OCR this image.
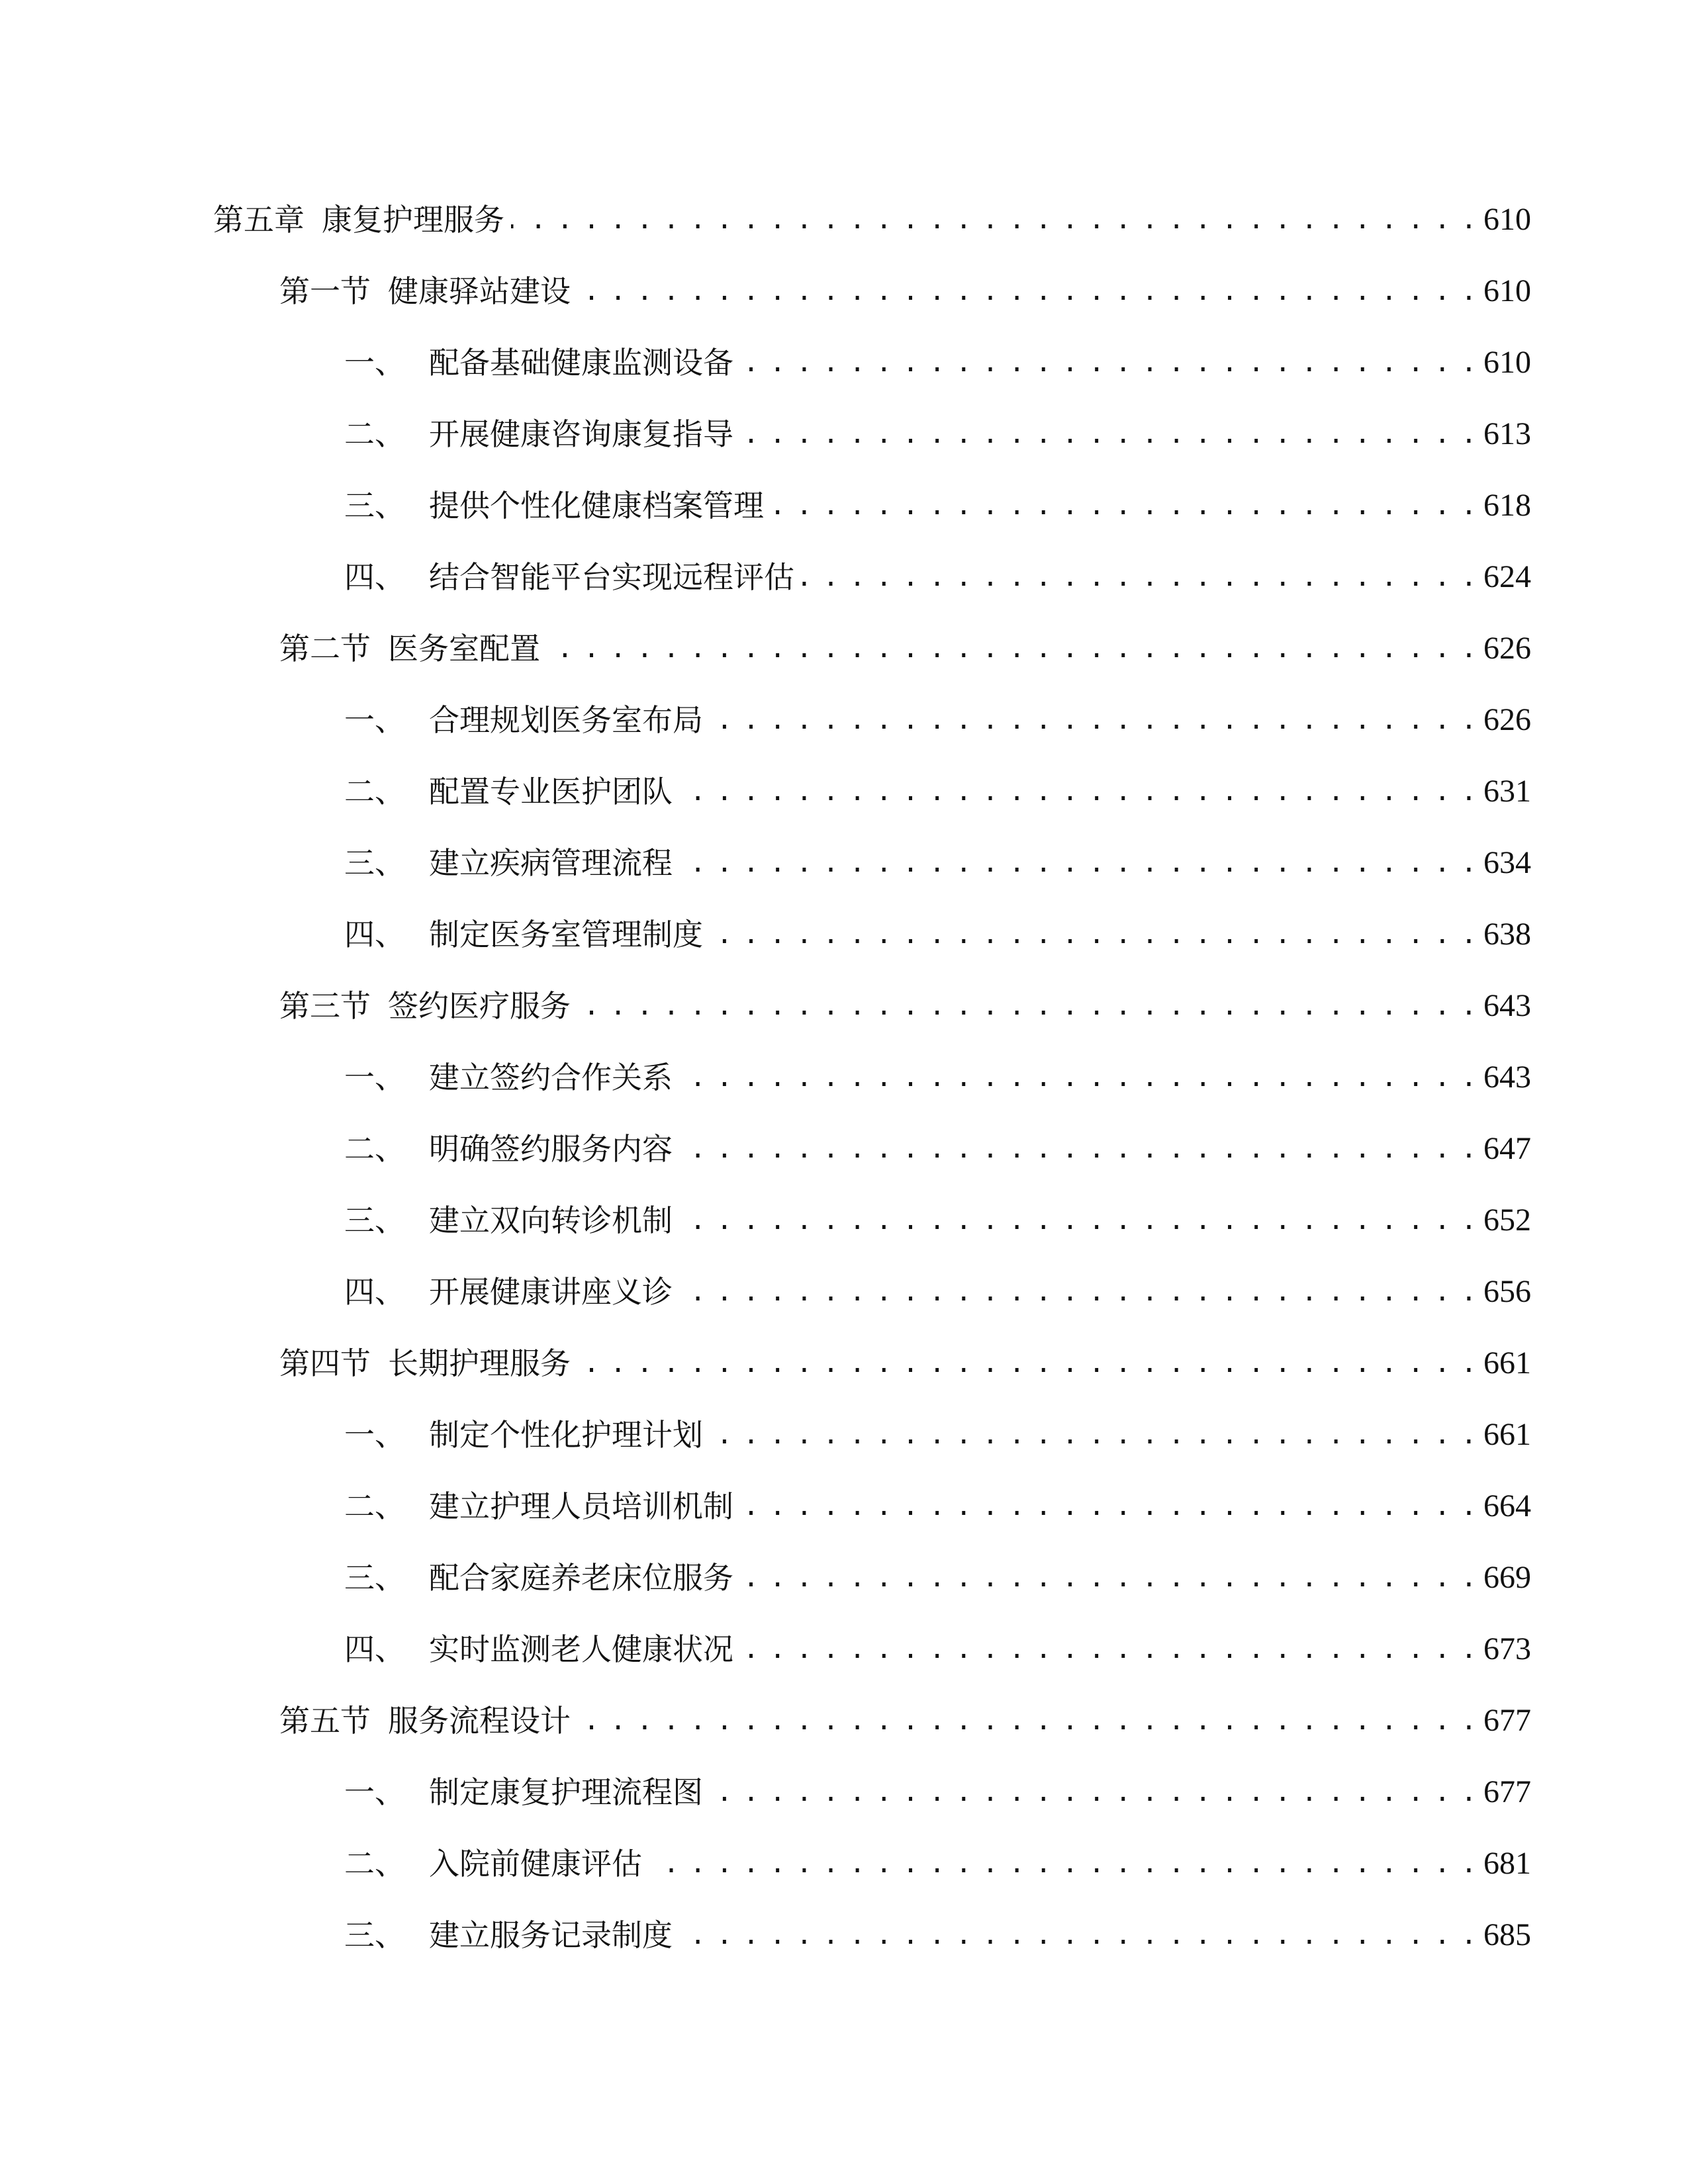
第五章 康复护理服务 . . .	610
第一节 健康驿站建设 . . .	610
一、 配备基础健康监测设备 . . .	610
二、 开展健康咨询康复指导 . . .	613
三、 提供个性化健康档案管理 . . .	618
四、 结合智能平台实现远程评估 . . .	624
第二节 医务室配置 . . .	626
一、 合理规划医务室布局 . . .	626
二、 配置专业医护团队 . . .	631
三、 建立疾病管理流程 . . .	634
四、 制定医务室管理制度 . . .	638
第三节 签约医疗服务 . . .	643
一、 建立签约合作关系 . . .	643
二、 明确签约服务内容 . . .	647
三、 建立双向转诊机制 . . .	652
四、 开展健康讲座义诊 . . .	656
第四节 长期护理服务 . . .	661
一、 制定个性化护理计划 . . .	661
二、 建立护理人员培训机制 . . .	664
三、 配合家庭养老床位服务 . . .	669
四、 实时监测老人健康状况 . . .	673
第五节 服务流程设计 . . .	677
一、 制定康复护理流程图 . . .	677
二、 入院前健康评估 . . .	681
三、 建立服务记录制度 . . .	685
